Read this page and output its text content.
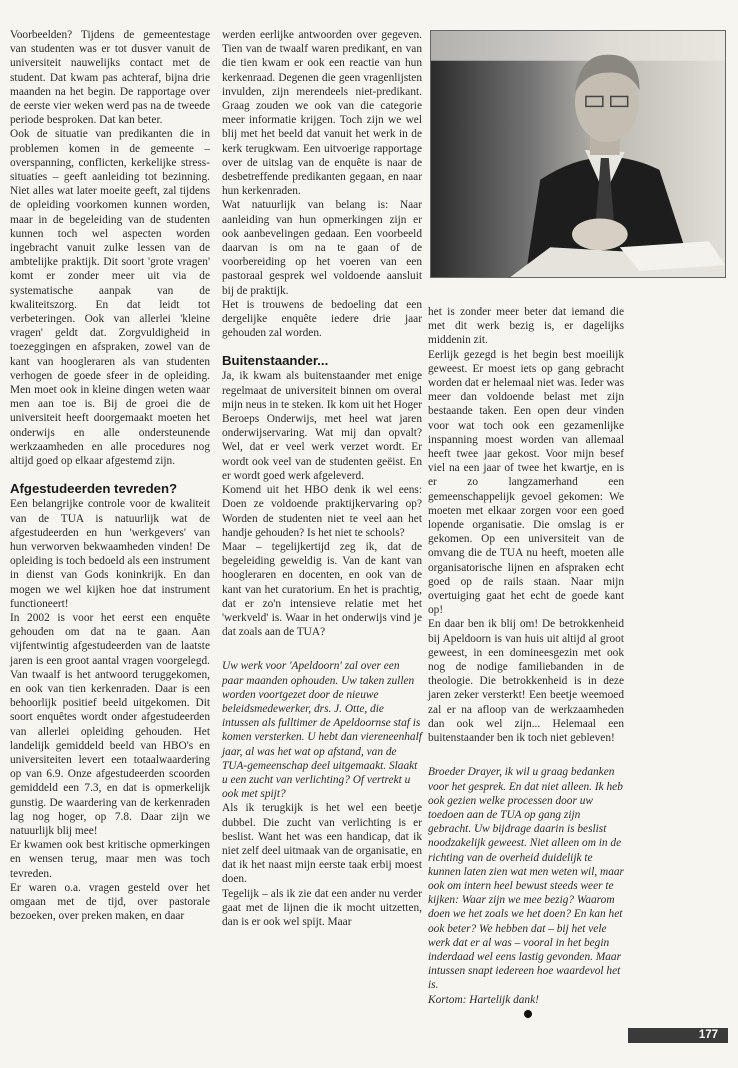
Voorbeelden? Tijdens de gemeentestage van studenten was er tot dusver vanuit de universiteit nauwelijks contact met de student. Dat kwam pas achteraf, bijna drie maanden na het begin. De rapportage over de eerste vier weken werd pas na de tweede periode besproken. Dat kan beter.

Ook de situatie van predikanten die in problemen komen in de gemeente – overspanning, conflicten, kerkelijke stress-situaties – geeft aanleiding tot bezinning. Niet alles wat later moeite geeft, zal tijdens de opleiding voorkomen kunnen worden, maar in de begeleiding van de studenten kunnen toch wel aspecten worden ingebracht vanuit zulke lessen van de ambtelijke praktijk. Dit soort 'grote vragen' komt er zonder meer uit via de systematische aanpak van de kwaliteitszorg. En dat leidt tot verbeteringen. Ook van allerlei 'kleine vragen' geldt dat. Zorgvuldigheid in toezeggingen en afspraken, zowel van de kant van hoogleraren als van studenten verhogen de goede sfeer in de opleiding. Men moet ook in kleine dingen weten waar men aan toe is. Bij de groei die de universiteit heeft doorgemaakt moeten het onderwijs en alle ondersteunende werkzaamheden en alle procedures nog altijd goed op elkaar afgestemd zijn.

Afgestudeerden tevreden?

Een belangrijke controle voor de kwaliteit van de TUA is natuurlijk wat de afgestudeerden en hun 'werkgevers' van hun verworven bekwaamheden vinden! De opleiding is toch bedoeld als een instrument in dienst van Gods koninkrijk. En dan mogen we wel kijken hoe dat instrument functioneert!

In 2002 is voor het eerst een enquête gehouden om dat na te gaan. Aan vijfentwintig afgestudeerden van de laatste jaren is een groot aantal vragen voorgelegd. Van twaalf is het antwoord teruggekomen, en ook van tien kerkenraden. Daar is een behoorlijk positief beeld uitgekomen. Dit soort enquêtes wordt onder afgestudeerden van allerlei opleiding gehouden. Het landelijk gemiddeld beeld van HBO's en universiteiten levert een totaalwaardering op van 6.9. Onze afgestudeerden scoorden gemiddeld een 7.3, en dat is opmerkelijk gunstig. De waardering van de kerkenraden lag nog hoger, op 7.8. Daar zijn we natuurlijk blij mee!

Er kwamen ook best kritische opmerkingen en wensen terug, maar men was toch tevreden.

Er waren o.a. vragen gesteld over het omgaan met de tijd, over pastorale bezoeken, over preken maken, en daar

werden eerlijke antwoorden over gegeven. Tien van de twaalf waren predikant, en van die tien kwam er ook een reactie van hun kerkenraad. Degenen die geen vragenlijsten invulden, zijn merendeels niet-predikant. Graag zouden we ook van die categorie meer informatie krijgen. Toch zijn we wel blij met het beeld dat vanuit het werk in de kerk terugkwam. Een uitvoerige rapportage over de uitslag van de enquête is naar de desbetreffende predikanten gegaan, en naar hun kerkenraden.

Wat natuurlijk van belang is: Naar aanleiding van hun opmerkingen zijn er ook aanbevelingen gedaan. Een voorbeeld daarvan is om na te gaan of de voorbereiding op het voeren van een pastoraal gesprek wel voldoende aansluit bij de praktijk.

Het is trouwens de bedoeling dat een dergelijke enquête iedere drie jaar gehouden zal worden.

Buitenstaander...

Ja, ik kwam als buitenstaander met enige regelmaat de universiteit binnen om overal mijn neus in te steken. Ik kom uit het Hoger Beroeps Onderwijs, met heel wat jaren onderwijservaring. Wat mij dan opvalt? Wel, dat er veel werk verzet wordt. Er wordt ook veel van de studenten geëist. En er wordt goed werk afgeleverd.

Komend uit het HBO denk ik wel eens: Doen ze voldoende praktijkervaring op? Worden de studenten niet te veel aan het handje gehouden? Is het niet te schools?

Maar – tegelijkertijd zeg ik, dat de begeleiding geweldig is. Van de kant van hoogleraren en docenten, en ook van de kant van het curatorium. En het is prachtig, dat er zo'n intensieve relatie met het 'werkveld' is. Waar in het onderwijs vind je dat zoals aan de TUA?

Uw werk voor 'Apeldoorn' zal over een paar maanden ophouden. Uw taken zullen worden voortgezet door de nieuwe beleidsmedewerker, drs. J. Otte, die intussen als fulltimer de Apeldoornse staf is komen versterken. U hebt dan viereneenhalf jaar, al was het wat op afstand, van de TUA-gemeenschap deel uitgemaakt. Slaakt u een zucht van verlichting? Of vertrekt u ook met spijt?

Als ik terugkijk is het wel een beetje dubbel. Die zucht van verlichting is er beslist. Want het was een handicap, dat ik niet zelf deel uitmaak van de organisatie, en dat ik het naast mijn eerste taak erbij moest doen.

Tegelijk – als ik zie dat een ander nu verder gaat met de lijnen die ik mocht uitzetten, dan is er ook wel spijt. Maar

het is zonder meer beter dat iemand die met dit werk bezig is, er dagelijks middenin zit.

Eerlijk gezegd is het begin best moeilijk geweest. Er moest iets op gang gebracht worden dat er helemaal niet was. Ieder was meer dan voldoende belast met zijn bestaande taken. Een open deur vinden voor wat toch ook een gezamenlijke inspanning moest worden van allemaal heeft twee jaar gekost. Voor mijn besef viel na een jaar of twee het kwartje, en is er zo langzamerhand een gemeenschappelijk gevoel gekomen: We moeten met elkaar zorgen voor een goed lopende organisatie. Die omslag is er gekomen. Op een universiteit van de omvang die de TUA nu heeft, moeten alle organisatorische lijnen en afspraken echt goed op de rails staan. Naar mijn overtuiging gaat het echt de goede kant op!

En daar ben ik blij om! De betrokkenheid bij Apeldoorn is van huis uit altijd al groot geweest, in een domineesgezin met ook nog de nodige familiebanden in de theologie. Die betrokkenheid is in deze jaren zeker versterkt! Een beetje weemoed zal er na afloop van de werkzaamheden dan ook wel zijn... Helemaal een buitenstaander ben ik toch niet gebleven!

Broeder Drayer, ik wil u graag bedanken voor het gesprek. En dat niet alleen. Ik heb ook gezien welke processen door uw toedoen aan de TUA op gang zijn gebracht. Uw bijdrage daarin is beslist noodzakelijk geweest. Niet alleen om in de richting van de overheid duidelijk te kunnen laten zien wat men weten wil, maar ook om intern heel bewust steeds weer te kijken: Waar zijn we mee bezig? Waarom doen we het zoals we het doen? En kan het ook beter? We hebben dat – bij het vele werk dat er al was – vooral in het begin inderdaad wel eens lastig gevonden. Maar intussen snapt iedereen hoe waardevol het is.

Kortom: Hartelijk dank!

177
